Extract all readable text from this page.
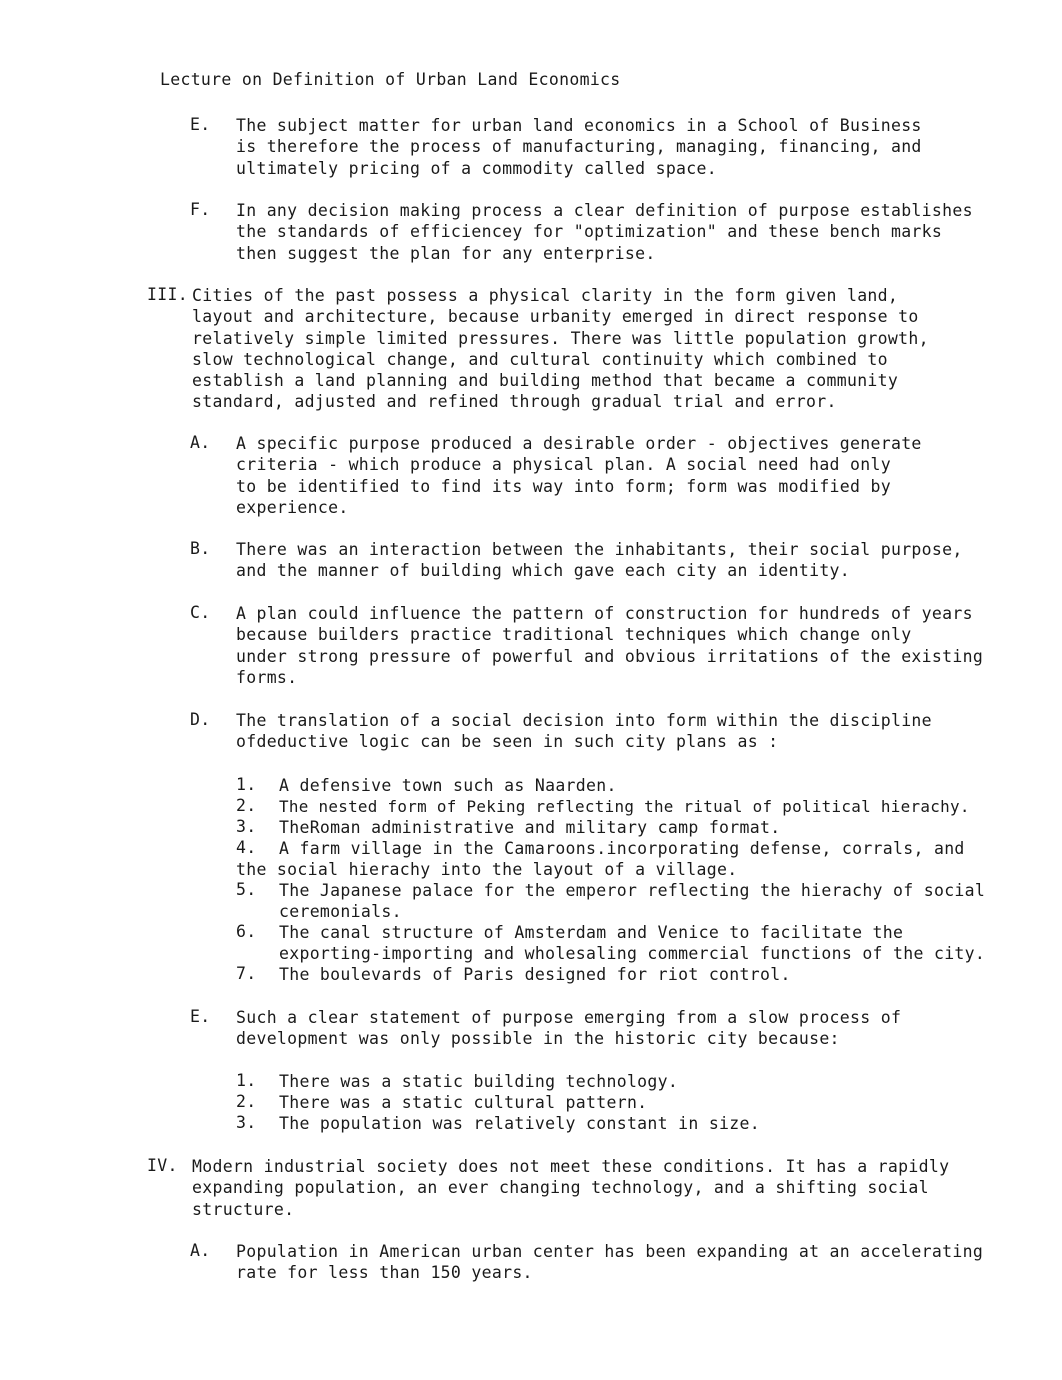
Lecture on Definition of Urban Land Economics
E. The subject matter for urban land economics in a School of Business
is therefore the process of manufacturing, managing, financing, and
ultimately pricing of a commodity called space.
F. In any decision making process a clear definition of purpose establishes
the standards of efficiencey for "optimization" and these bench marks
then suggest the plan for any enterprise.
III. Cities of the past possess a physical clarity in the form given land,
layout and architecture, because urbanity emerged in direct response to
relatively simple limited pressures. There was little population growth,
slow technological change, and cultural continuity which combined to
establish a land planning and building method that became a community
standard, adjusted and refined through gradual trial and error.
A. A specific purpose produced a desirable order - objectives generate
criteria - which produce a physical plan. A social need had only
to be identified to find its way into form; form was modified by
experience.
B. There was an interaction between the inhabitants, their social purpose,
and the manner of building which gave each city an identity.
C. A plan could influence the pattern of construction for hundreds of years
because builders practice traditional techniques which change only
under strong pressure of powerful and obvious irritations of the existing
forms.
D. The translation of a social decision into form within the discipline
ofdeductive logic can be seen in such city plans as :
1. A defensive town such as Naarden.
2. The nested form of Peking reflecting the ritual of political hierachy.
3. TheRoman administrative and military camp format.
4. A farm village in the Camaroons.incorporating defense, corrals, and
the social hierachy into the layout of a village.
5. The Japanese palace for the emperor reflecting the hierachy of social
ceremonials.
6. The canal structure of Amsterdam and Venice to facilitate the
exporting-importing and wholesaling commercial functions of the city.
7. The boulevards of Paris designed for riot control.
E. Such a clear statement of purpose emerging from a slow process of
development was only possible in the historic city because:
1. There was a static building technology.
2. There was a static cultural pattern.
3. The population was relatively constant in size.
IV. Modern industrial society does not meet these conditions. It has a rapidly
expanding population, an ever changing technology, and a shifting social
structure.
A. Population in American urban center has been expanding at an accelerating
rate for less than 150 years.
